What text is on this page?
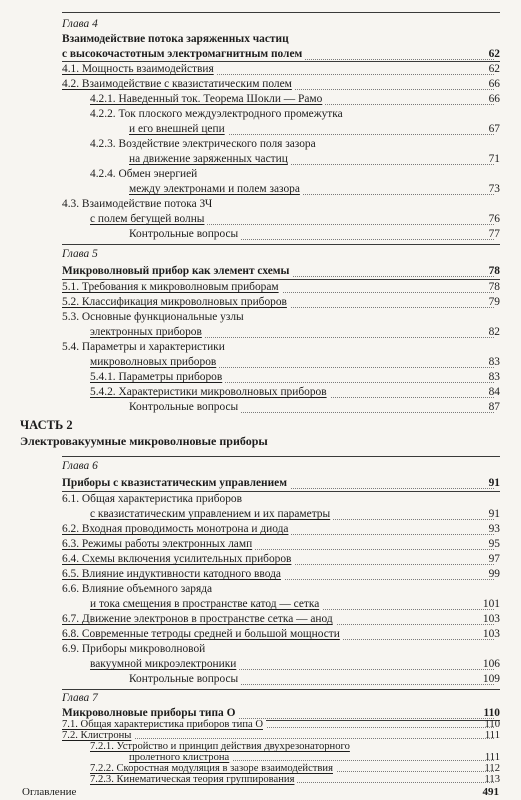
Глава 4
Взаимодействие потока заряженных частиц
с высокочастотным электромагнитным полем	62
4.1. Мощность взаимодействия	62
4.2. Взаимодействие с квазистатическим полем	66
4.2.1. Наведенный ток. Теорема Шокли — Рамо	66
4.2.2. Ток плоского междуэлектродного промежутка
и его внешней цепи	67
4.2.3. Воздействие электрического поля зазора
на движение заряженных частиц	71
4.2.4. Обмен энергией
между электронами и полем зазора	73
4.3. Взаимодействие потока ЗЧ
с полем бегущей волны	76
Контрольные вопросы	77
Глава 5
Микроволновый прибор как элемент схемы	78
5.1. Требования к микроволновым приборам	78
5.2. Классификация микроволновых приборов	79
5.3. Основные функциональные узлы
электронных приборов	82
5.4. Параметры и характеристики
микроволновых приборов	83
5.4.1. Параметры приборов	83
5.4.2. Характеристики микроволновых приборов	84
Контрольные вопросы	87
ЧАСТЬ 2
Электровакуумные микроволновые приборы
Глава 6
Приборы с квазистатическим управлением	91
6.1. Общая характеристика приборов
с квазистатическим управлением и их параметры	91
6.2. Входная проводимость монотрона и диода	93
6.3. Режимы работы электронных ламп	95
6.4. Схемы включения усилительных приборов	97
6.5. Влияние индуктивности катодного ввода	99
6.6. Влияние объемного заряда
и тока смещения в пространстве катод — сетка	101
6.7. Движение электронов в пространстве сетка — анод	103
6.8. Современные тетроды средней и большой мощности	103
6.9. Приборы микроволновой
вакуумной микроэлектроники	106
Контрольные вопросы	109
Глава 7
Микроволновые приборы типа О	110
Оглавление	491
7.1. Общая характеристика приборов типа О	110
7.2. Клистроны	111
7.2.1. Устройство и принцип действия двухрезонаторного
пролетного клистрона	111
7.2.2. Скоростная модуляция в зазоре взаимодействия	112
7.2.3. Кинематическая теория группирования	113
